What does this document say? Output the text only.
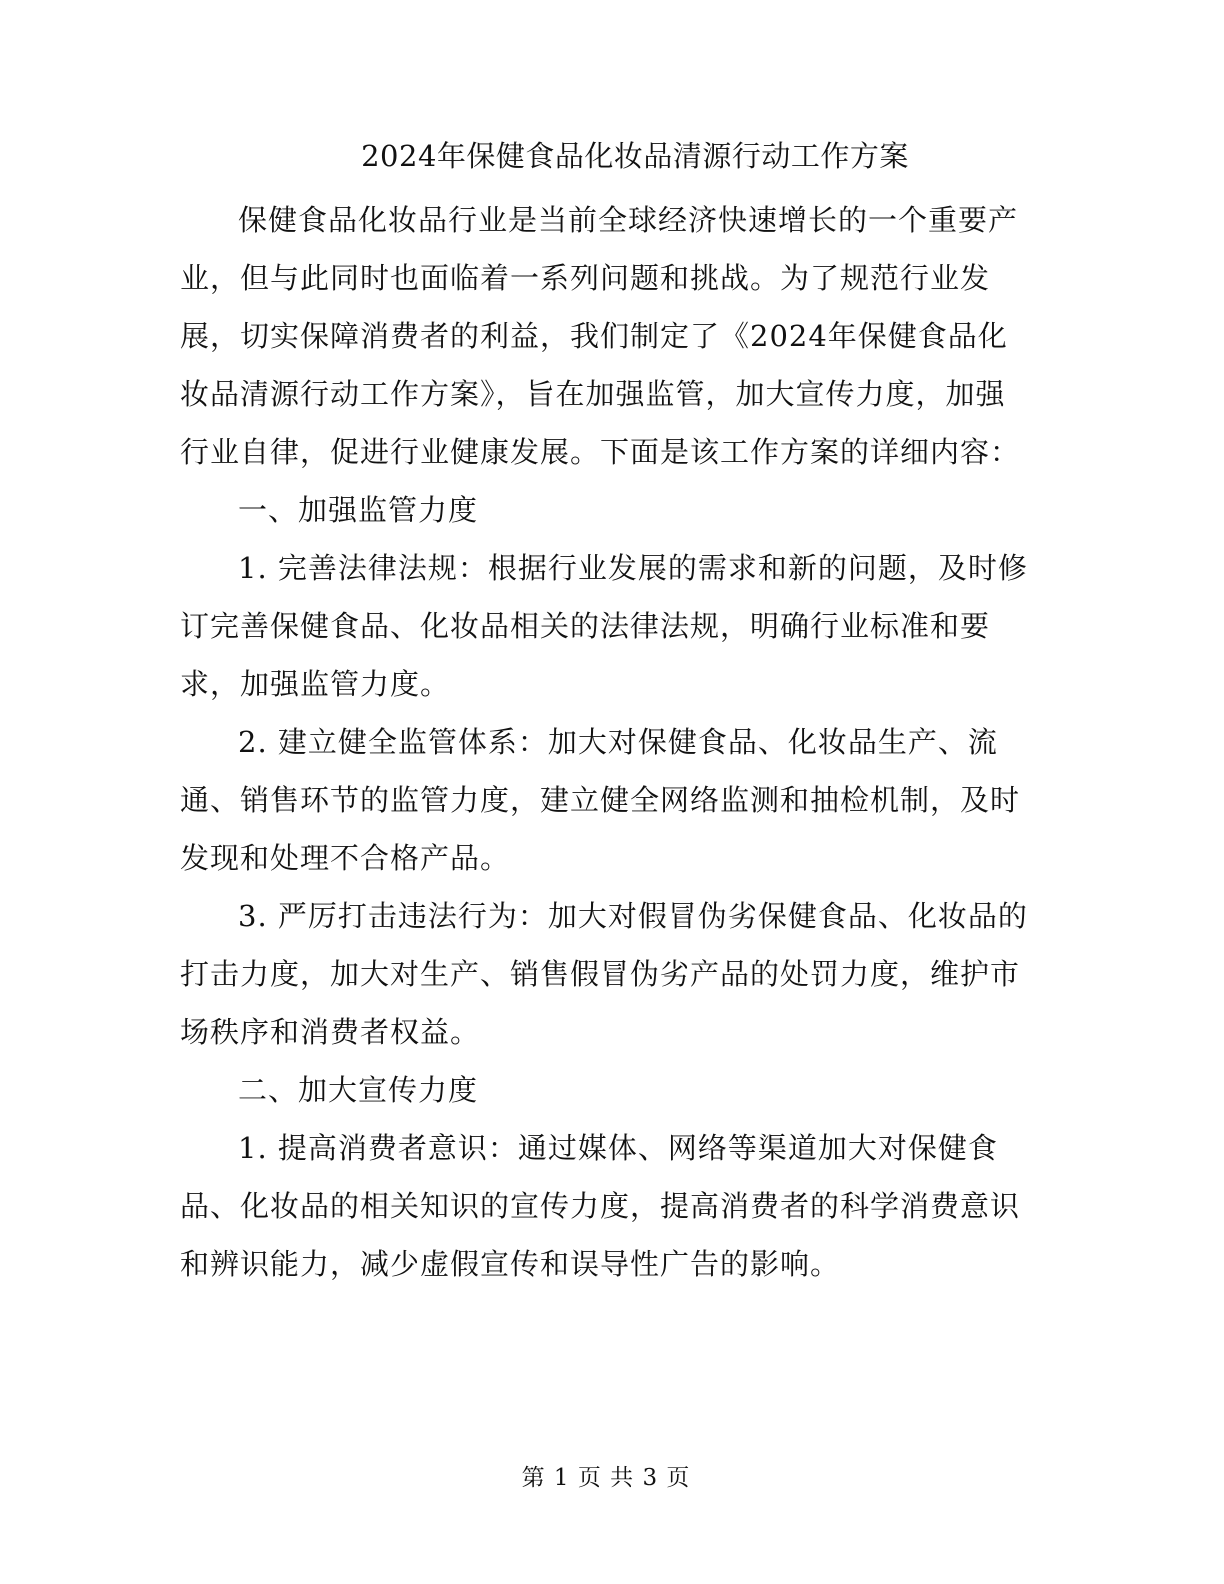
2024年保健食品化妆品清源行动工作方案

保健食品化妆品行业是当前全球经济快速增长的一个重要产业，但与此同时也面临着一系列问题和挑战。为了规范行业发展，切实保障消费者的利益，我们制定了《2024年保健食品化妆品清源行动工作方案》，旨在加强监管，加大宣传力度，加强行业自律，促进行业健康发展。下面是该工作方案的详细内容：

一、加强监管力度

1. 完善法律法规：根据行业发展的需求和新的问题，及时修订完善保健食品、化妆品相关的法律法规，明确行业标准和要求，加强监管力度。

2. 建立健全监管体系：加大对保健食品、化妆品生产、流通、销售环节的监管力度，建立健全网络监测和抽检机制，及时发现和处理不合格产品。

3. 严厉打击违法行为：加大对假冒伪劣保健食品、化妆品的打击力度，加大对生产、销售假冒伪劣产品的处罚力度，维护市场秩序和消费者权益。

二、加大宣传力度

1. 提高消费者意识：通过媒体、网络等渠道加大对保健食品、化妆品的相关知识的宣传力度，提高消费者的科学消费意识和辨识能力，减少虚假宣传和误导性广告的影响。

第 1 页 共 3 页
